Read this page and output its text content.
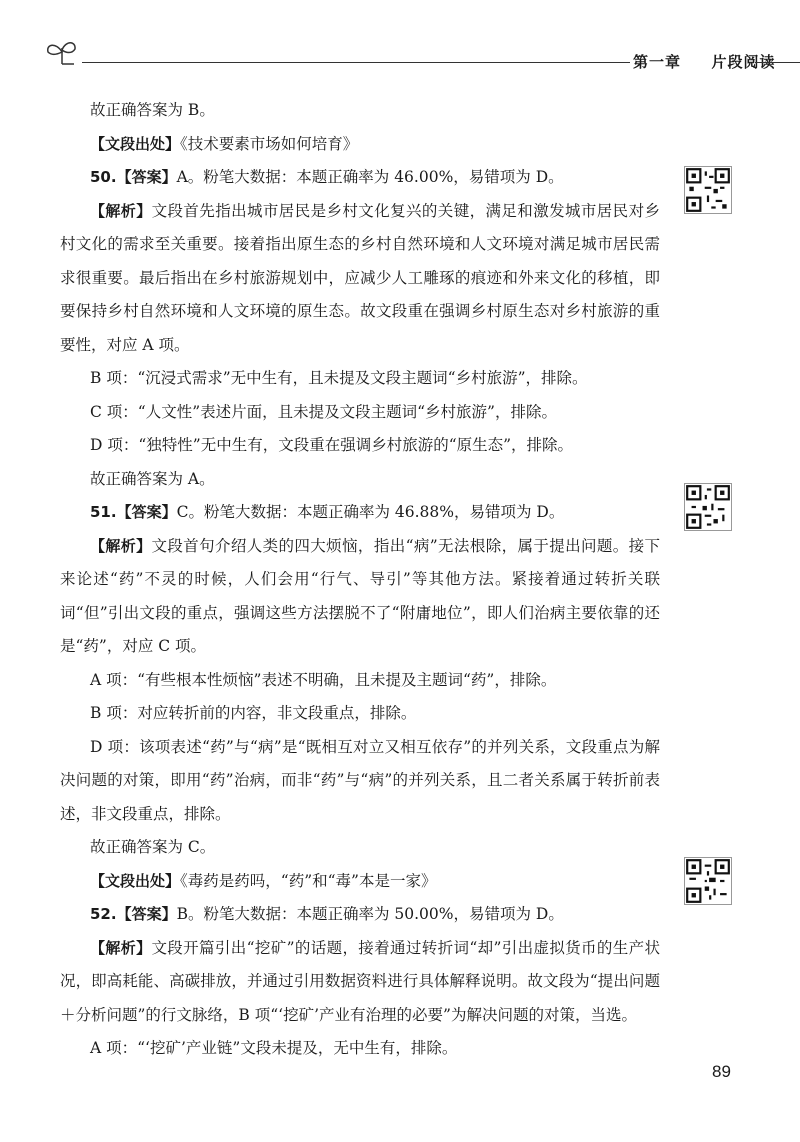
第一章 片段阅读

故正确答案为 B。

【文段出处】《技术要素市场如何培育》

50.【答案】A。粉笔大数据：本题正确率为 46.00%，易错项为 D。

【解析】文段首先指出城市居民是乡村文化复兴的关键，满足和激发城市居民对乡村文化的需求至关重要。接着指出原生态的乡村自然环境和人文环境对满足城市居民需求很重要。最后指出在乡村旅游规划中，应减少人工雕琢的痕迹和外来文化的移植，即要保持乡村自然环境和人文环境的原生态。故文段重在强调乡村原生态对乡村旅游的重要性，对应 A 项。

B 项：“沉浸式需求”无中生有，且未提及文段主题词“乡村旅游”，排除。

C 项：“人文性”表述片面，且未提及文段主题词“乡村旅游”，排除。

D 项：“独特性”无中生有，文段重在强调乡村旅游的“原生态”，排除。

故正确答案为 A。

51.【答案】C。粉笔大数据：本题正确率为 46.88%，易错项为 D。

【解析】文段首句介绍人类的四大烦恼，指出“病”无法根除，属于提出问题。接下来论述“药”不灵的时候，人们会用“行气、导引”等其他方法。紧接着通过转折关联词“但”引出文段的重点，强调这些方法摆脱不了“附庸地位”，即人们治病主要依靠的还是“药”，对应 C 项。

A 项：“有些根本性烦恼”表述不明确，且未提及主题词“药”，排除。

B 项：对应转折前的内容，非文段重点，排除。

D 项：该项表述“药”与“病”是“既相互对立又相互依存”的并列关系，文段重点为解决问题的对策，即用“药”治病，而非“药”与“病”的并列关系，且二者关系属于转折前表述，非文段重点，排除。

故正确答案为 C。

【文段出处】《毒药是药吗，“药”和“毒”本是一家》

52.【答案】B。粉笔大数据：本题正确率为 50.00%，易错项为 D。

【解析】文段开篇引出“挖矿”的话题，接着通过转折词“却”引出虚拟货币的生产状况，即高耗能、高碳排放，并通过引用数据资料进行具体解释说明。故文段为“提出问题＋分析问题”的行文脉络，B 项“‘挖矿’产业有治理的必要”为解决问题的对策，当选。

A 项：“‘挖矿’产业链”文段未提及，无中生有，排除。

89
